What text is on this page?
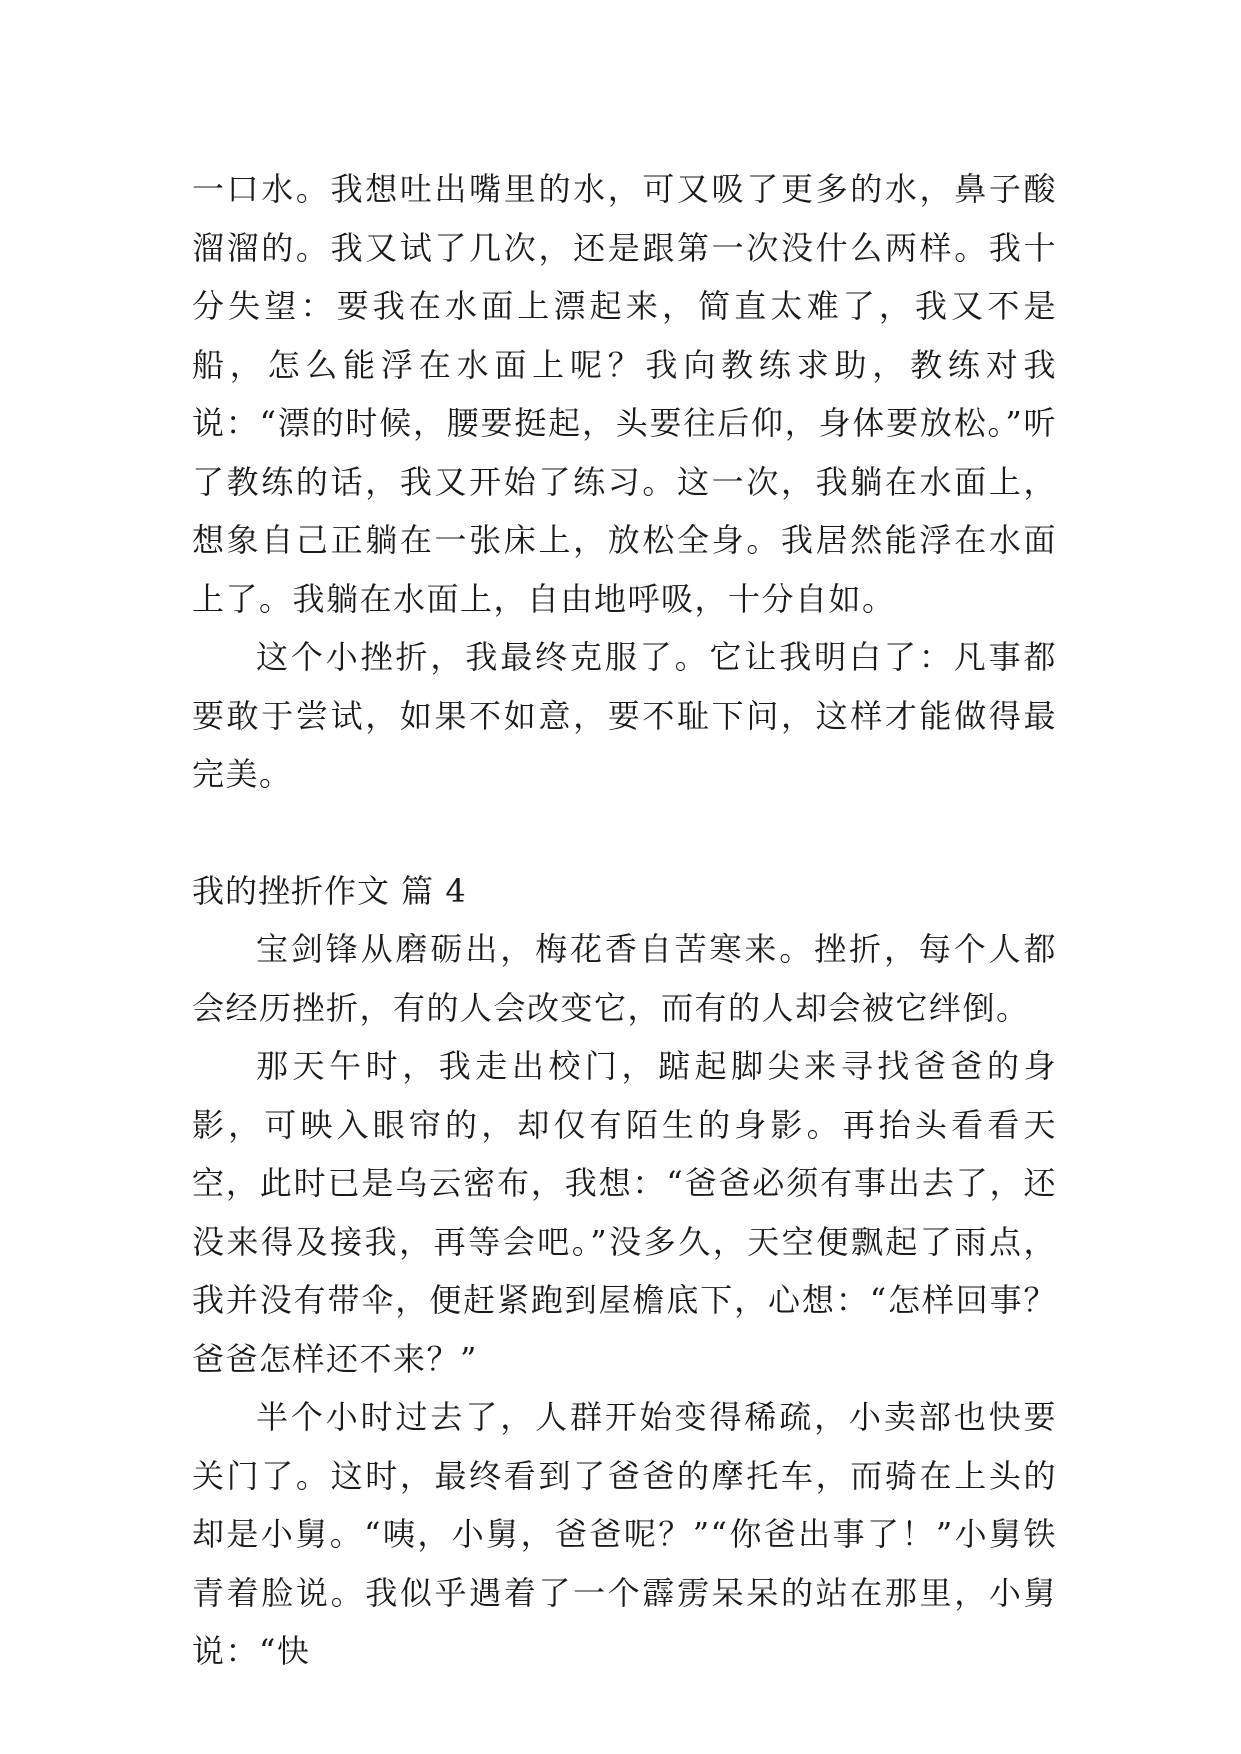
一口水。我想吐出嘴里的水，可又吸了更多的水，鼻子酸溜溜的。我又试了几次，还是跟第一次没什么两样。我十分失望：要我在水面上漂起来，简直太难了，我又不是船，怎么能浮在水面上呢？我向教练求助，教练对我说：“漂的时候，腰要挺起，头要往后仰，身体要放松。”听了教练的话，我又开始了练习。这一次，我躺在水面上，想象自己正躺在一张床上，放松全身。我居然能浮在水面上了。我躺在水面上，自由地呼吸，十分自如。

这个小挫折，我最终克服了。它让我明白了：凡事都要敢于尝试，如果不如意，要不耻下问，这样才能做得最完美。

我的挫折作文 篇 4

宝剑锋从磨砺出，梅花香自苦寒来。挫折，每个人都会经历挫折，有的人会改变它，而有的人却会被它绊倒。

那天午时，我走出校门，踮起脚尖来寻找爸爸的身影，可映入眼帘的，却仅有陌生的身影。再抬头看看天空，此时已是乌云密布，我想：“爸爸必须有事出去了，还没来得及接我，再等会吧。”没多久，天空便飘起了雨点，我并没有带伞，便赶紧跑到屋檐底下，心想：“怎样回事？爸爸怎样还不来？”

半个小时过去了，人群开始变得稀疏，小卖部也快要关门了。这时，最终看到了爸爸的摩托车，而骑在上头的却是小舅。“咦，小舅，爸爸呢？”“你爸出事了！”小舅铁青着脸说。我似乎遇着了一个霹雳呆呆的站在那里，小舅说：“快
